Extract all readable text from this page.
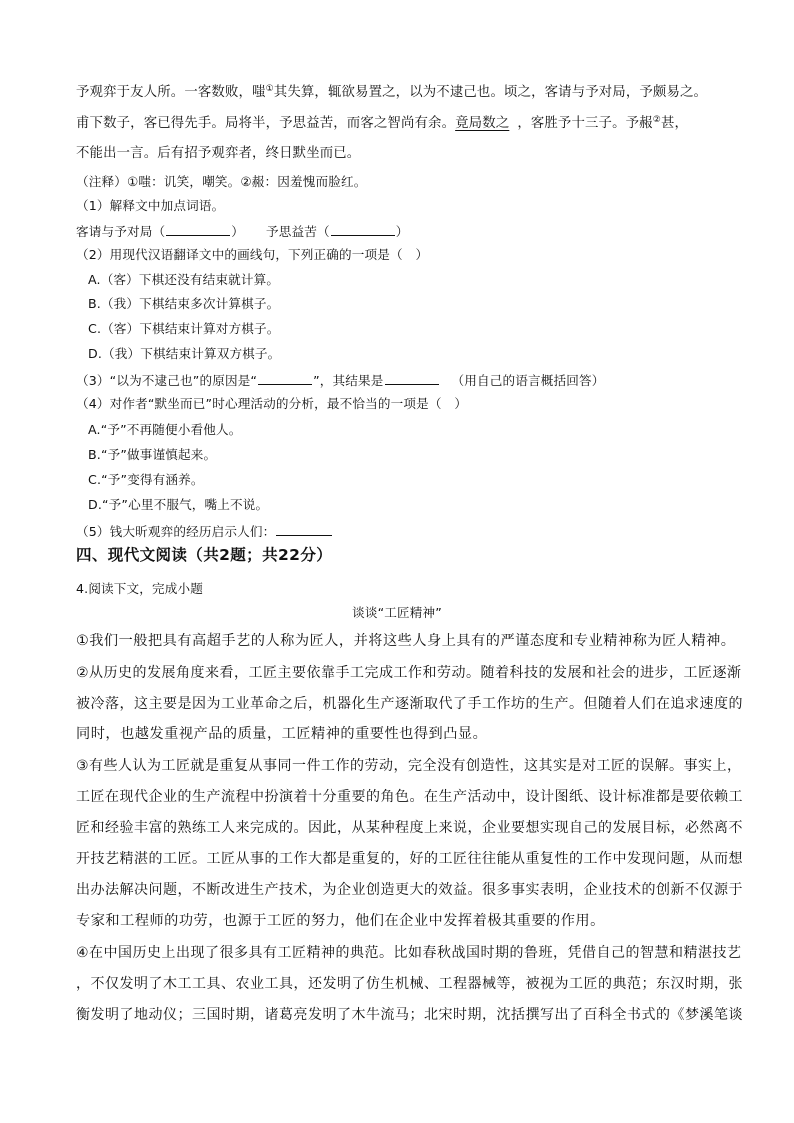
予观弈于友人所。一客数败，嗤①其失算，辄欲易置之，以为不逮己也。顷之，客请与予对局，予颇易之。
甫下数子，客已得先手。局将半，予思益苦，而客之智尚有余。竟局数之 ，客胜予十三子。予赧②甚，
不能出一言。后有招予观弈者，终日默坐而已。
（注释）①嗤：讥笑，嘲笑。②赧：因羞愧而脸红。
（1）解释文中加点词语。
客请与予对局（	） 予思益苦（	）
（2）用现代汉语翻译文中的画线句，下列正确的一项是（　）
A.（客）下棋还没有结束就计算。
B.（我）下棋结束多次计算棋子。
C.（客）下棋结束计算对方棋子。
D.（我）下棋结束计算双方棋子。
（3）“以为不逮己也”的原因是“	”，其结果是	（用自己的语言概括回答）
（4）对作者“默坐而已”时心理活动的分析，最不恰当的一项是（　）
A.“予”不再随便小看他人。
B.“予”做事谨慎起来。
C.“予”变得有涵养。
D.“予”心里不服气，嘴上不说。
（5）钱大昕观弈的经历启示人们：
四、现代文阅读（共2题；共22分）
4.阅读下文，完成小题
谈谈“工匠精神”
①我们一般把具有高超手艺的人称为匠人，并将这些人身上具有的严谨态度和专业精神称为匠人精神。
②从历史的发展角度来看，工匠主要依靠手工完成工作和劳动。随着科技的发展和社会的进步，工匠逐渐
被冷落，这主要是因为工业革命之后，机器化生产逐渐取代了手工作坊的生产。但随着人们在追求速度的
同时，也越发重视产品的质量，工匠精神的重要性也得到凸显。
③有些人认为工匠就是重复从事同一件工作的劳动，完全没有创造性，这其实是对工匠的误解。事实上，
工匠在现代企业的生产流程中扮演着十分重要的角色。在生产活动中，设计图纸、设计标准都是要依赖工
匠和经验丰富的熟练工人来完成的。因此，从某种程度上来说，企业要想实现自己的发展目标，必然离不
开技艺精湛的工匠。工匠从事的工作大都是重复的，好的工匠往往能从重复性的工作中发现问题，从而想
出办法解决问题，不断改进生产技术，为企业创造更大的效益。很多事实表明，企业技术的创新不仅源于
专家和工程师的功劳，也源于工匠的努力，他们在企业中发挥着极其重要的作用。
④在中国历史上出现了很多具有工匠精神的典范。比如春秋战国时期的鲁班，凭借自己的智慧和精湛技艺
，不仅发明了木工工具、农业工具，还发明了仿生机械、工程器械等，被视为工匠的典范；东汉时期，张
衡发明了地动仪；三国时期，诸葛亮发明了木牛流马；北宋时期，沈括撰写出了百科全书式的《梦溪笔谈
